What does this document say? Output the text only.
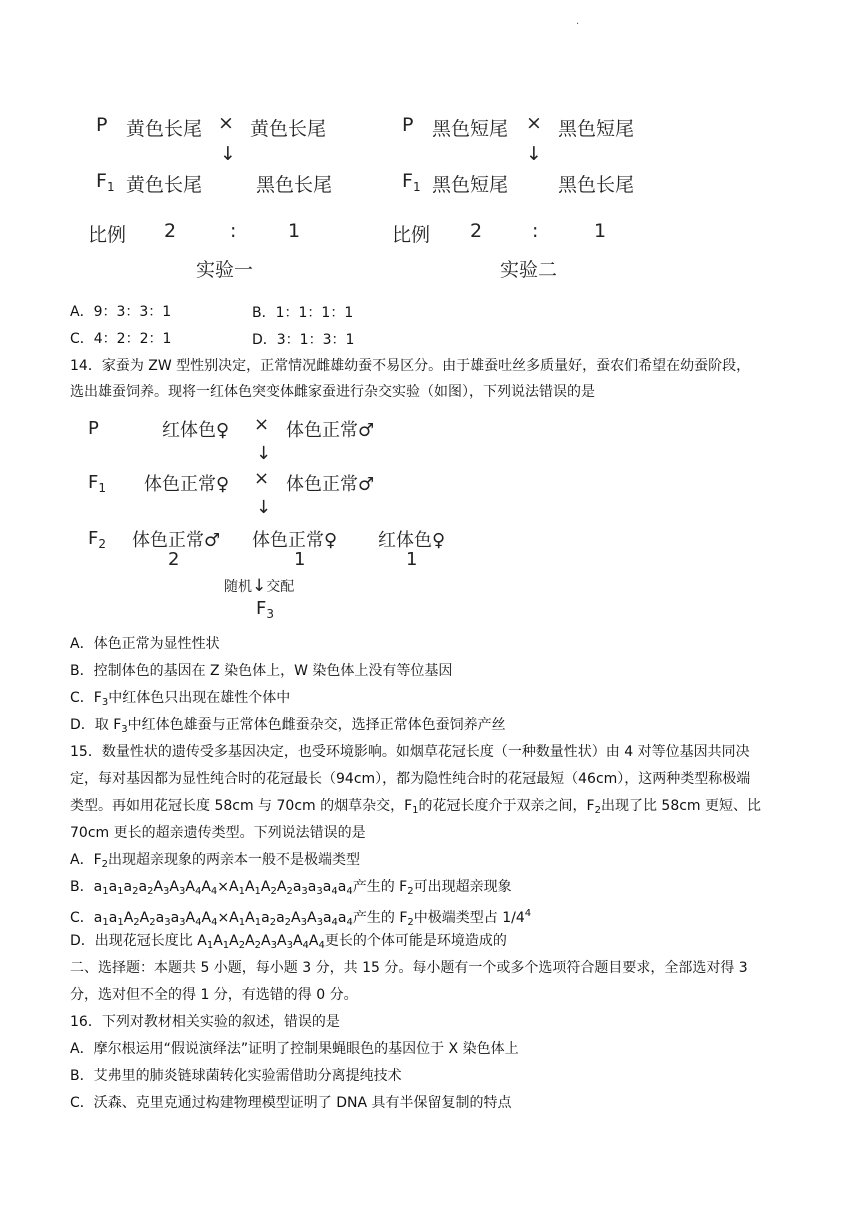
.
P 黄色长尾 × 黄色长尾
↓
$F_1$ 黄色长尾	黑色长尾
比例 2	:	1
实验一
P 黑色短尾 × 黑色短尾
↓
$F_1$ 黑色短尾	黑色长尾
比例 2	:	1
实验二
A．9：3：3：1	B．1：1：1：1
C．4：2：2：1	D．3：1：3：1
14．家蚕为 ZW 型性别决定，正常情况雌雄幼蚕不易区分。由于雄蚕吐丝多质量好，蚕农们希望在幼蚕阶段，
选出雄蚕饲养。现将一红体色突变体雌家蚕进行杂交实验（如图），下列说法错误的是
P	红体色♀ × 体色正常♂
↓
$F_1$ 体色正常♀ × 体色正常♂
↓
$F_2$ 体色正常♂ 体色正常♀ 红体色♀
2	1	1
随机↓交配
$F_3$
A．体色正常为显性性状
B．控制体色的基因在 Z 染色体上，W 染色体上没有等位基因
C．$F_3$中红体色只出现在雄性个体中
D．取 $F_3$中红体色雄蚕与正常体色雌蚕杂交，选择正常体色蚕饲养产丝
15．数量性状的遗传受多基因决定，也受环境影响。如烟草花冠长度（一种数量性状）由 4 对等位基因共同决
定，每对基因都为显性纯合时的花冠最长（94cm），都为隐性纯合时的花冠最短（46cm），这两种类型称极端
类型。再如用花冠长度 58cm 与 70cm 的烟草杂交，$F_1$的花冠长度介于双亲之间，$F_2$出现了比 58cm 更短、比
70cm 更长的超亲遗传类型。下列说法错误的是
A．$F_2$出现超亲现象的两亲本一般不是极端类型
B．$a_1a_1a_2a_2A_3A_3A_4A_4\times A_1A_1A_2A_2a_3a_3a_4a_4$产生的 $F_2$可出现超亲现象
C．$a_1a_1A_2A_2a_3a_3A_4A_4\times A_1A_1a_2a_2A_3A_3a_4a_4$产生的 $F_2$中极端类型占 $1/4^4$
D．出现花冠长度比 $A_1A_1A_2A_2A_3A_3A_4A_4$更长的个体可能是环境造成的
二、选择题：本题共 5 小题，每小题 3 分，共 15 分。每小题有一个或多个选项符合题目要求，全部选对得 3
分，选对但不全的得 1 分，有选错的得 0 分。
16．下列对教材相关实验的叙述，错误的是
A．摩尔根运用“假说演绎法”证明了控制果蝇眼色的基因位于 X 染色体上
B．艾弗里的肺炎链球菌转化实验需借助分离提纯技术
C．沃森、克里克通过构建物理模型证明了 DNA 具有半保留复制的特点
